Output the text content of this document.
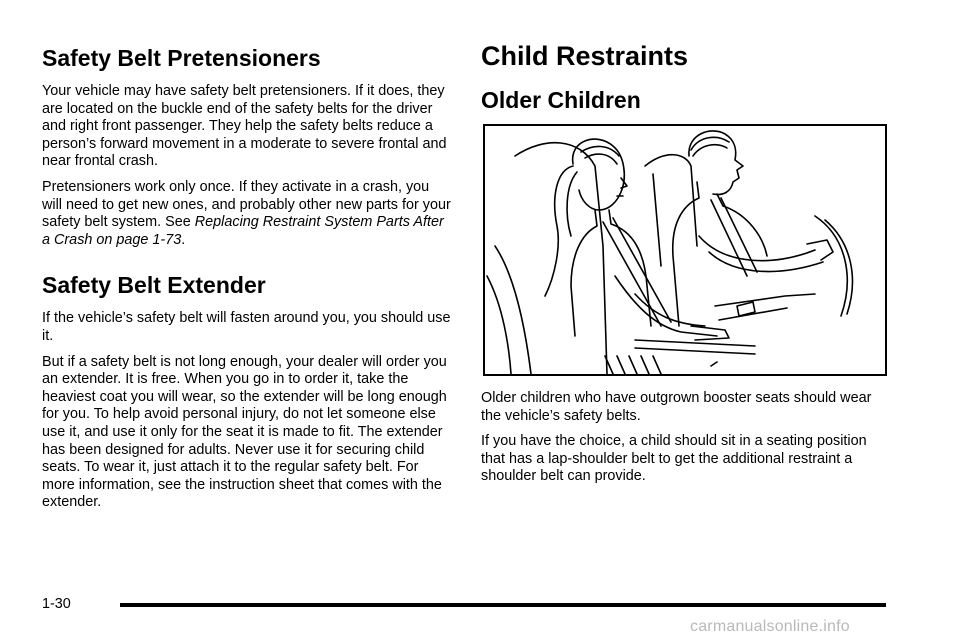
Safety Belt Pretensioners

Your vehicle may have safety belt pretensioners. If it does, they are located on the buckle end of the safety belts for the driver and right front passenger. They help the safety belts reduce a person’s forward movement in a moderate to severe frontal and near frontal crash.

Pretensioners work only once. If they activate in a crash, you will need to get new ones, and probably other new parts for your safety belt system. See Replacing Restraint System Parts After a Crash on page 1-73.

Safety Belt Extender

If the vehicle’s safety belt will fasten around you, you should use it.

But if a safety belt is not long enough, your dealer will order you an extender. It is free. When you go in to order it, take the heaviest coat you will wear, so the extender will be long enough for you. To help avoid personal injury, do not let someone else use it, and use it only for the seat it is made to fit. The extender has been designed for adults. Never use it for securing child seats. To wear it, just attach it to the regular safety belt. For more information, see the instruction sheet that comes with the extender.

Child Restraints
Older Children

Older children who have outgrown booster seats should wear the vehicle’s safety belts.

If you have the choice, a child should sit in a seating position that has a lap-shoulder belt to get the additional restraint a shoulder belt can provide.

1-30
carmanualsonline.info
